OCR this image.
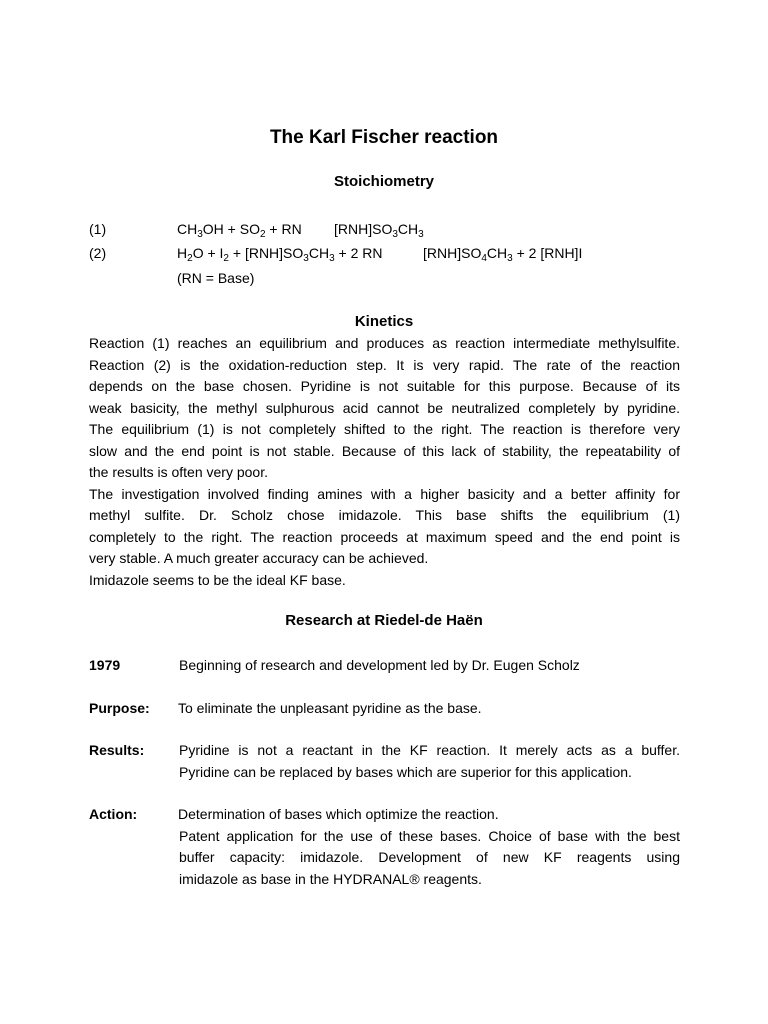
The Karl Fischer reaction
Stoichiometry
(1)	$CH_3OH + SO_2$ + RN $[RNH]SO_3CH_3$
(2)	$H_2O + I_2 + [RNH]SO_3CH_3 + 2$ RN	$[RNH]SO_4CH_3 + 2$ [RNH]I
(RN = Base)
Kinetics
Reaction (1) reaches an equilibrium and produces as reaction intermediate methylsulfite.
Reaction (2) is the oxidation-reduction step. It is very rapid. The rate of the reaction
depends on the base chosen. Pyridine is not suitable for this purpose. Because of its
weak basicity, the methyl sulphurous acid cannot be neutralized completely by pyridine.
The equilibrium (1) is not completely shifted to the right. The reaction is therefore very
slow and the end point is not stable. Because of this lack of stability, the repeatability of
the results is often very poor.
The investigation involved finding amines with a higher basicity and a better affinity for
methyl sulfite. Dr. Scholz chose imidazole. This base shifts the equilibrium (1)
completely to the right. The reaction proceeds at maximum speed and the end point is
very stable. A much greater accuracy can be achieved.
Imidazole seems to be the ideal KF base.
Research at Riedel-de Haën
1979	Beginning of research and development led by Dr. Eugen Scholz
Purpose: To eliminate the unpleasant pyridine as the base.
Results: Pyridine is not a reactant in the KF reaction. It merely acts as a buffer.
Pyridine can be replaced by bases which are superior for this application.
Action:	Determination of bases which optimize the reaction.
Patent application for the use of these bases. Choice of base with the best
buffer capacity: imidazole. Development of new KF reagents using
imidazole as base in the HYDRANAL® reagents.
